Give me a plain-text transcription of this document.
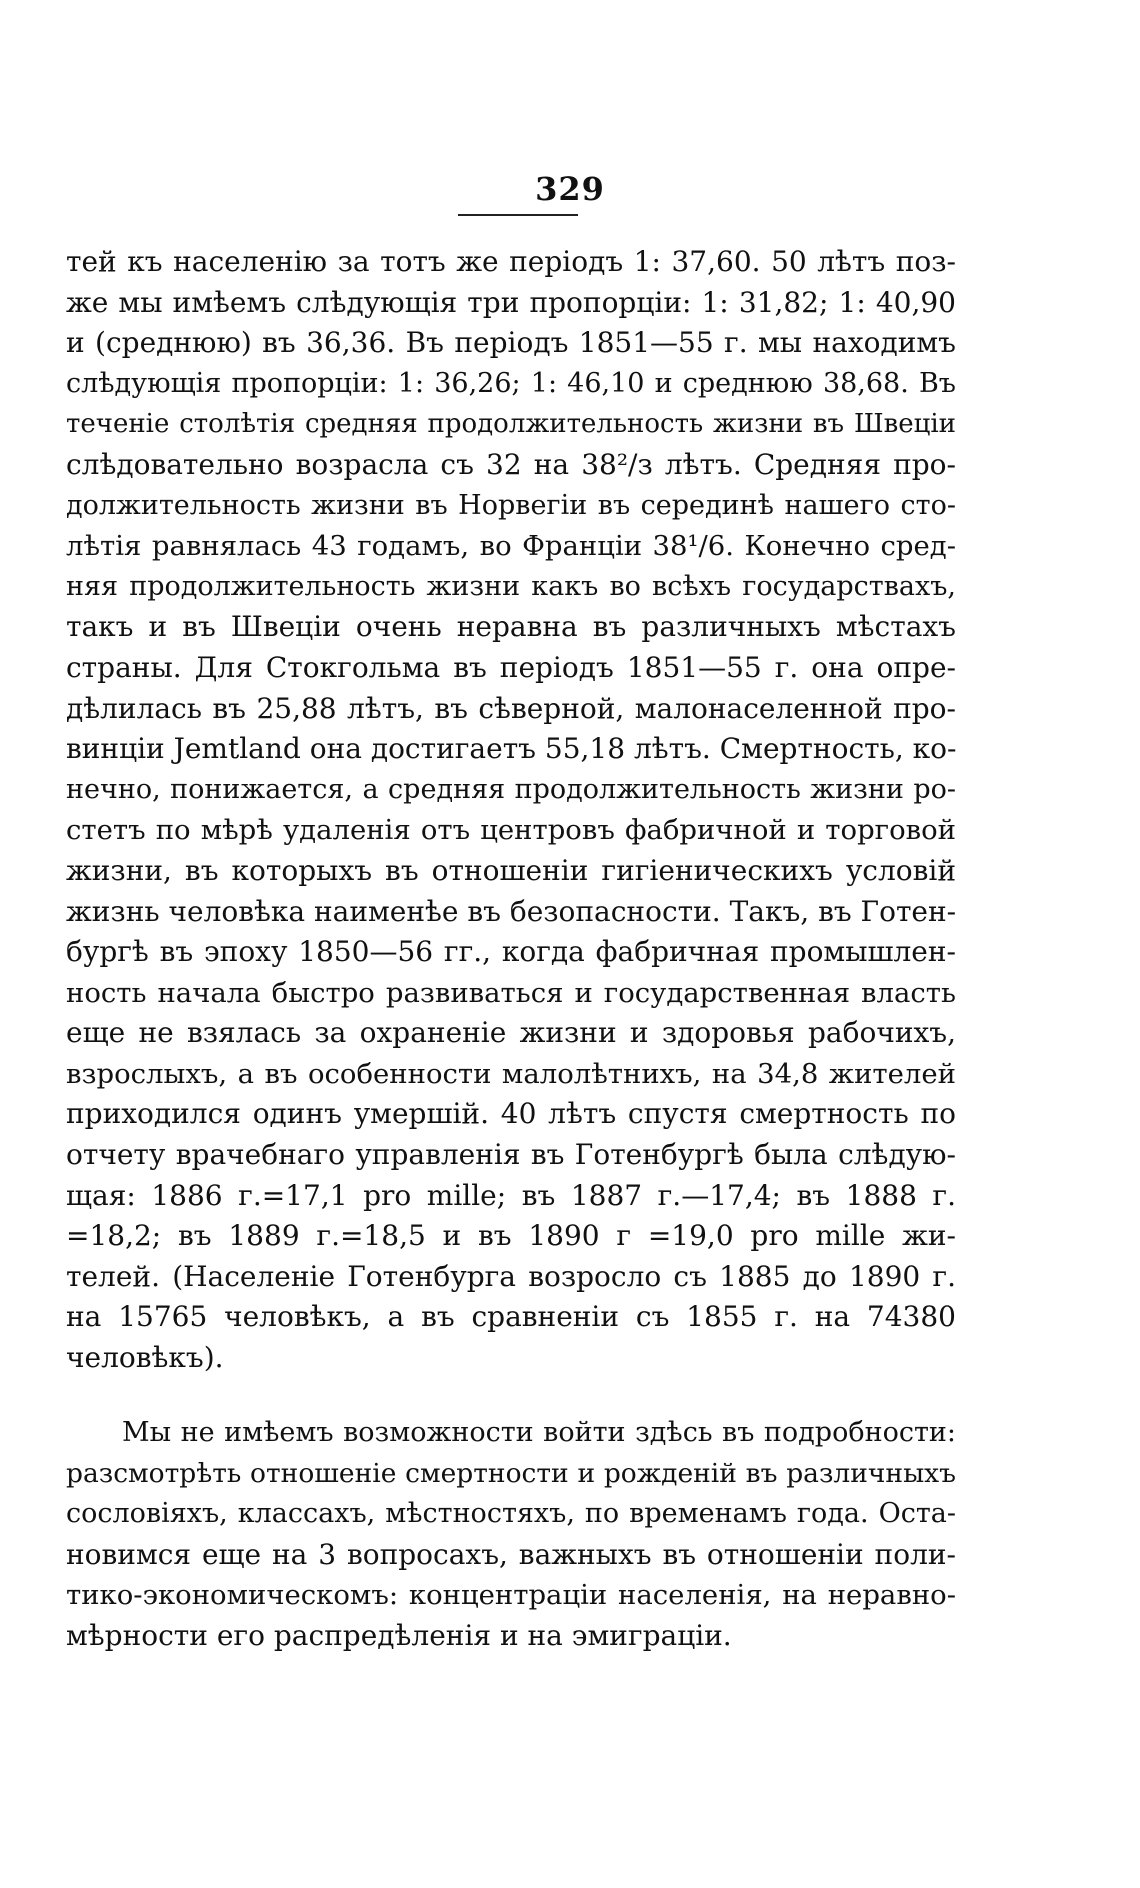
329
тей къ населенію за тотъ же періодъ 1: 37,60. 50 лѣтъ поз-
же мы имѣемъ слѣдующія три пропорціи: 1: 31,82; 1: 40,90
и (среднюю) въ 36,36. Въ періодъ 1851—55 г. мы находимъ
слѣдующія пропорціи: 1: 36,26; 1: 46,10 и среднюю 38,68. Въ
теченіе столѣтія средняя продолжительность жизни въ Швеціи
слѣдовательно возрасла съ 32 на 38²/з лѣтъ. Средняя про-
должительность жизни въ Норвегіи въ серединѣ нашего сто-
лѣтія равнялась 43 годамъ, во Франціи 38¹/6. Конечно сред-
няя продолжительность жизни какъ во всѣхъ государствахъ,
такъ и въ Швеціи очень неравна въ различныхъ мѣстахъ
страны. Для Стокгольма въ періодъ 1851—55 г. она опре-
дѣлилась въ 25,88 лѣтъ, въ сѣверной, малонаселенной про-
винціи Jemtland она достигаетъ 55,18 лѣтъ. Смертность, ко-
нечно, понижается, а средняя продолжительность жизни ро-
стетъ по мѣрѣ удаленія отъ центровъ фабричной и торговой
жизни, въ которыхъ въ отношеніи гигіеническихъ условій
жизнь человѣка наименѣе въ безопасности. Такъ, въ Готен-
бургѣ въ эпоху 1850—56 гг., когда фабричная промышлен-
ность начала быстро развиваться и государственная власть
еще не взялась за охраненіе жизни и здоровья рабочихъ,
взрослыхъ, а въ особенности малолѣтнихъ, на 34,8 жителей
приходился одинъ умершій. 40 лѣтъ спустя смертность по
отчету врачебнаго управленія въ Готенбургѣ была слѣдую-
щая: 1886 г.=17,1 pro mille; въ 1887 г.—17,4; въ 1888 г.
=18,2; въ 1889 г.=18,5 и въ 1890 г =19,0 pro mille жи-
телей. (Населеніе Готенбурга возросло съ 1885 до 1890 г.
на 15765 человѣкъ, а въ сравненіи съ 1855 г. на 74380
человѣкъ).
Мы не имѣемъ возможности войти здѣсь въ подробности:
разсмотрѣть отношеніе смертности и рожденій въ различныхъ
сословіяхъ, классахъ, мѣстностяхъ, по временамъ года. Оста-
новимся еще на 3 вопросахъ, важныхъ въ отношеніи поли-
тико-экономическомъ: концентраціи населенія, на неравно-
мѣрности его распредѣленія и на эмиграціи.
